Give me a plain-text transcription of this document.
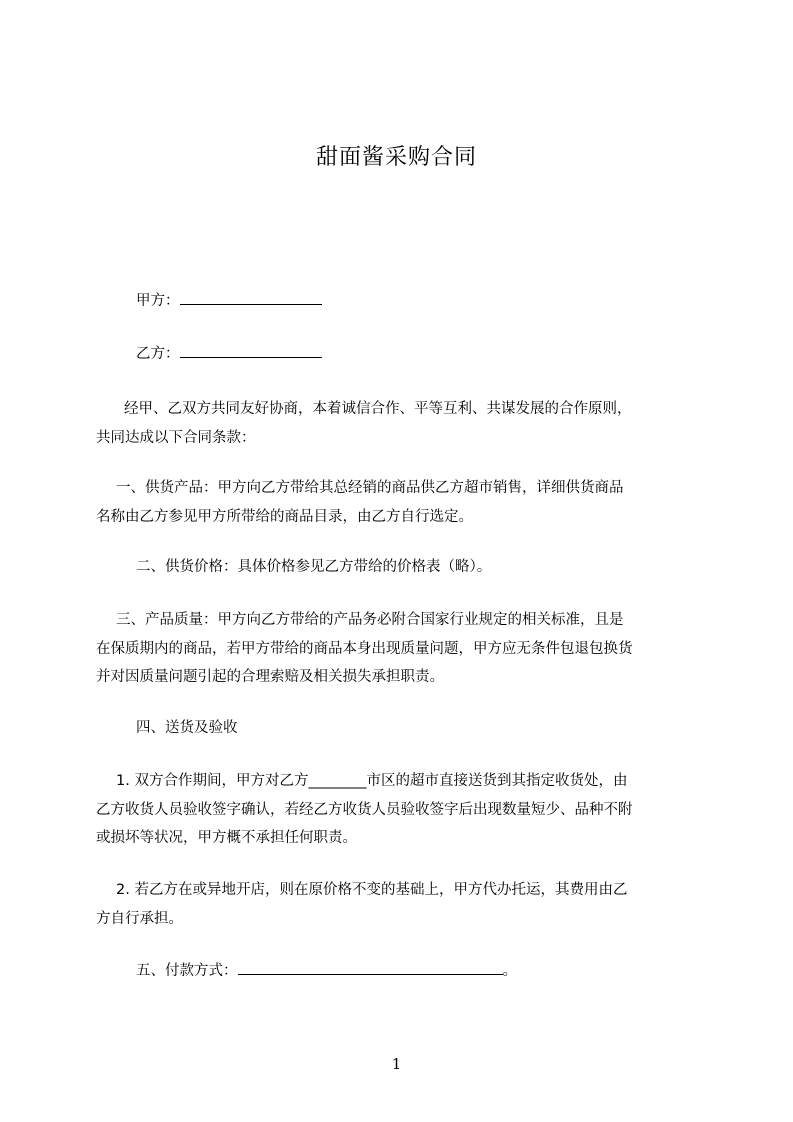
甜面酱采购合同
甲方：
乙方：

经甲、乙双方共同友好协商，本着诚信合作、平等互利、共谋发展的合作原则，

共同达成以下合同条款：

一、供货产品：甲方向乙方带给其总经销的商品供乙方超市销售，详细供货商品

名称由乙方参见甲方所带给的商品目录，由乙方自行选定。

二、供货价格：具体价格参见乙方带给的价格表（略）。

三、产品质量：甲方向乙方带给的产品务必附合国家行业规定的相关标准，且是

在保质期内的商品，若甲方带给的商品本身出现质量问题，甲方应无条件包退包换货

并对因质量问题引起的合理索赔及相关损失承担职责。

四、送货及验收

1. 双方合作期间，甲方对乙方________市区的超市直接送货到其指定收货处，由

乙方收货人员验收签字确认，若经乙方收货人员验收签字后出现数量短少、品种不附

或损坏等状况，甲方概不承担任何职责。

2. 若乙方在或异地开店，则在原价格不变的基础上，甲方代办托运，其费用由乙

方自行承担。

五、付款方式：	。
1
